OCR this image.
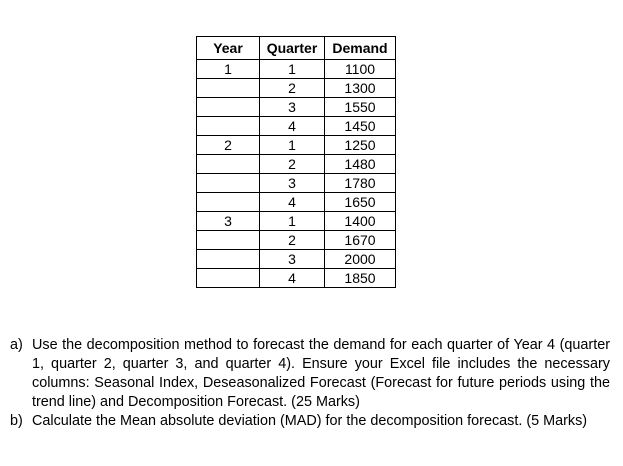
Year	Quarter	Demand
1	1	1100
	2	1300
	3	1550
	4	1450
2	1	1250
	2	1480
	3	1780
	4	1650
3	1	1400
	2	1670
	3	2000
	4	1850
a) Use the decomposition method to forecast the demand for each quarter of Year 4 (quarter 1, quarter 2, quarter 3, and quarter 4). Ensure your Excel file includes the necessary columns: Seasonal Index, Deseasonalized Forecast (Forecast for future periods using the trend line) and Decomposition Forecast. (25 Marks)
b) Calculate the Mean absolute deviation (MAD) for the decomposition forecast. (5 Marks)
